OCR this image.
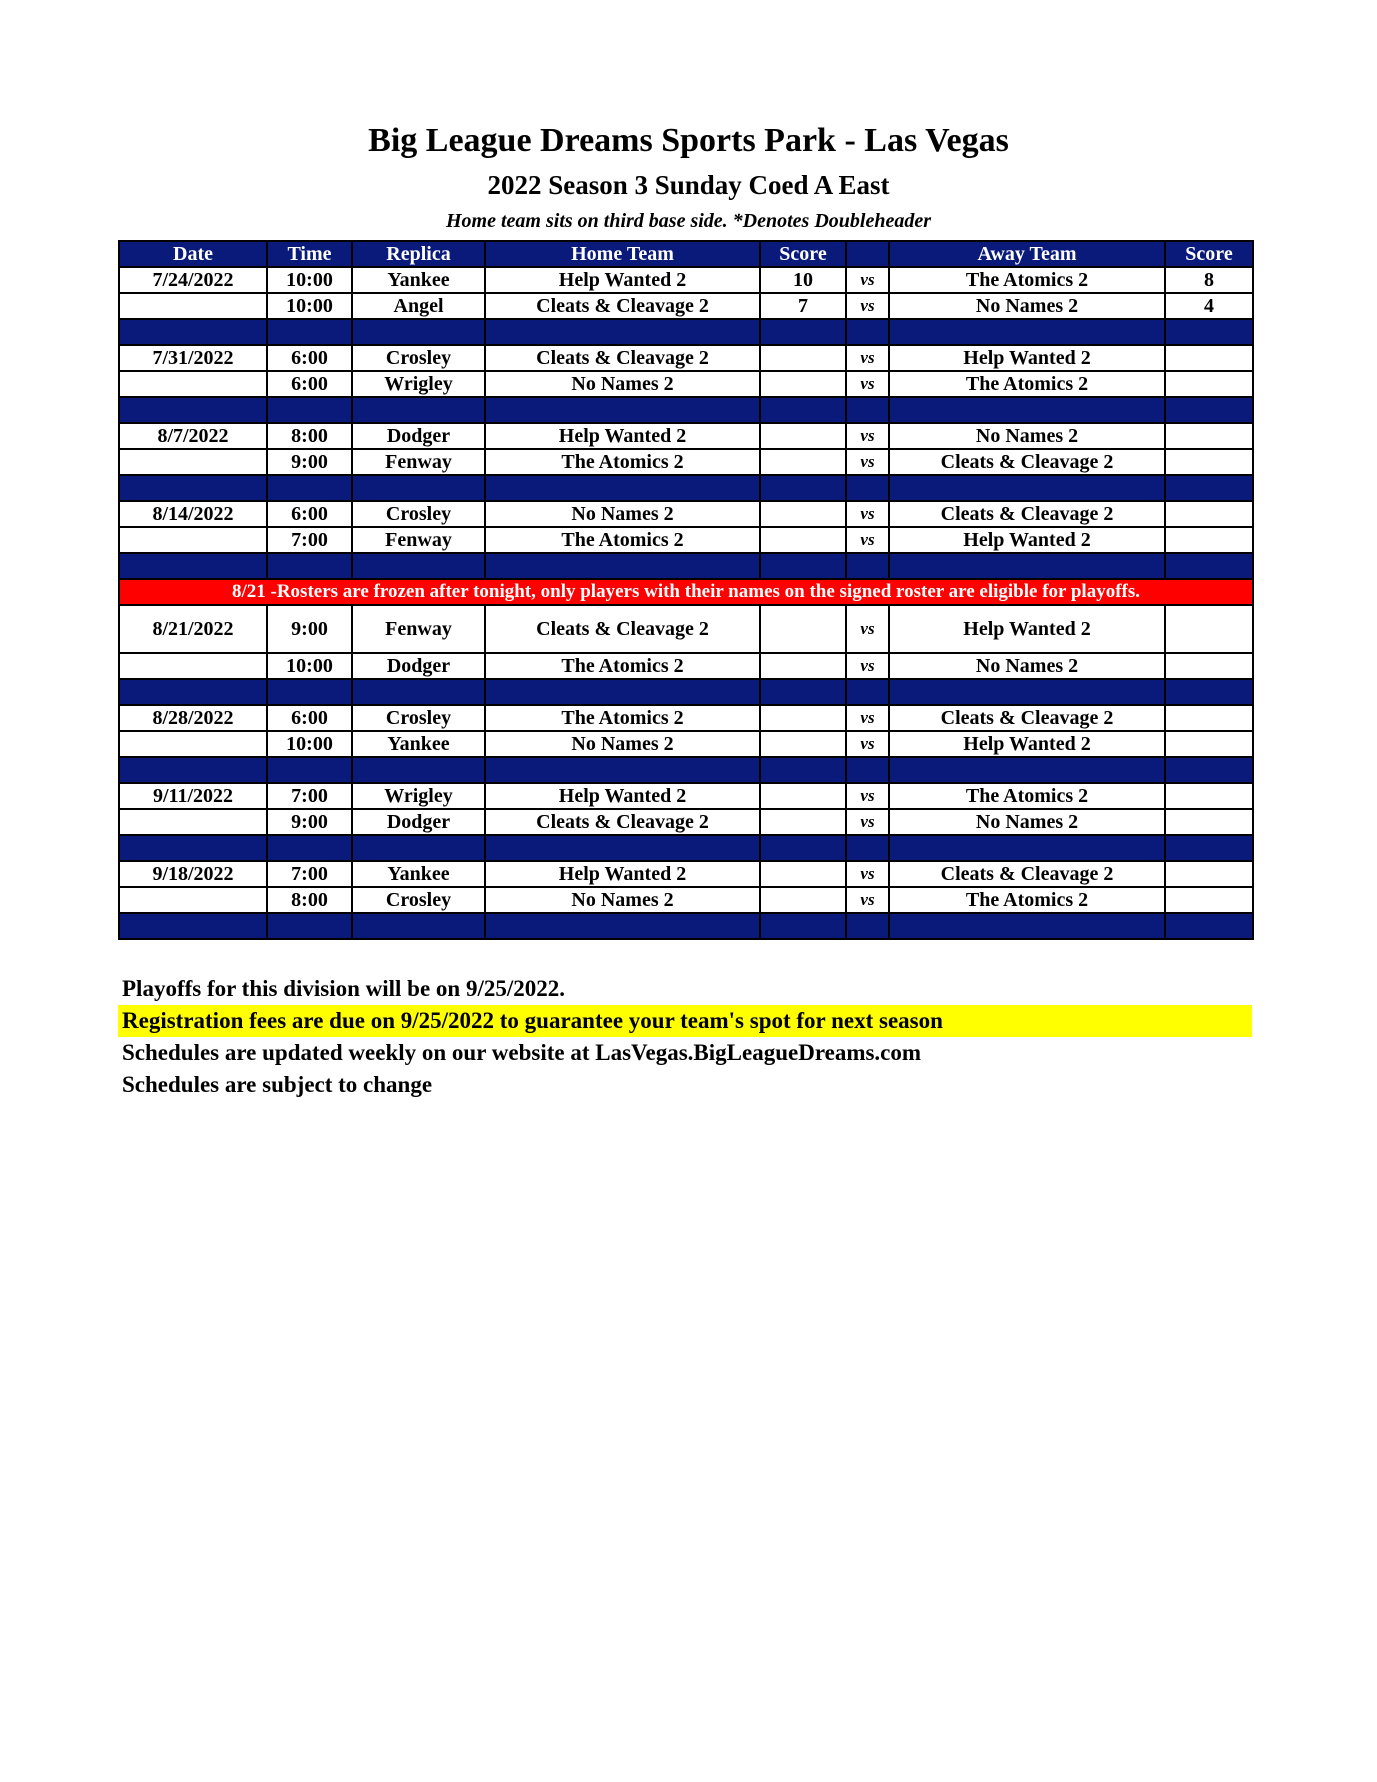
Big League Dreams Sports Park - Las Vegas
2022 Season 3 Sunday Coed A East
Home team sits on third base side. *Denotes Doubleheader
Date	Time	Replica	Home Team	Score		Away Team	Score
7/24/2022	10:00	Yankee	Help Wanted 2	10	vs	The Atomics 2	8
	10:00	Angel	Cleats & Cleavage 2	7	vs	No Names 2	4

7/31/2022	6:00	Crosley	Cleats & Cleavage 2		vs	Help Wanted 2	
	6:00	Wrigley	No Names 2		vs	The Atomics 2	

8/7/2022	8:00	Dodger	Help Wanted 2		vs	No Names 2	
	9:00	Fenway	The Atomics 2		vs	Cleats & Cleavage 2	

8/14/2022	6:00	Crosley	No Names 2		vs	Cleats & Cleavage 2	
	7:00	Fenway	The Atomics 2		vs	Help Wanted 2	

8/21 -Rosters are frozen after tonight, only players with their names on the signed roster are eligible for playoffs.							
8/21/2022	9:00	Fenway	Cleats & Cleavage 2		vs	Help Wanted 2	
	10:00	Dodger	The Atomics 2		vs	No Names 2	

8/28/2022	6:00	Crosley	The Atomics 2		vs	Cleats & Cleavage 2	
	10:00	Yankee	No Names 2		vs	Help Wanted 2	

9/11/2022	7:00	Wrigley	Help Wanted 2		vs	The Atomics 2	
	9:00	Dodger	Cleats & Cleavage 2		vs	No Names 2	

9/18/2022	7:00	Yankee	Help Wanted 2		vs	Cleats & Cleavage 2	
	8:00	Crosley	No Names 2		vs	The Atomics 2	

Playoffs for this division will be on 9/25/2022.
Registration fees are due on 9/25/2022 to guarantee your team's spot for next season
Schedules are updated weekly on our website at LasVegas.BigLeagueDreams.com
Schedules are subject to change
